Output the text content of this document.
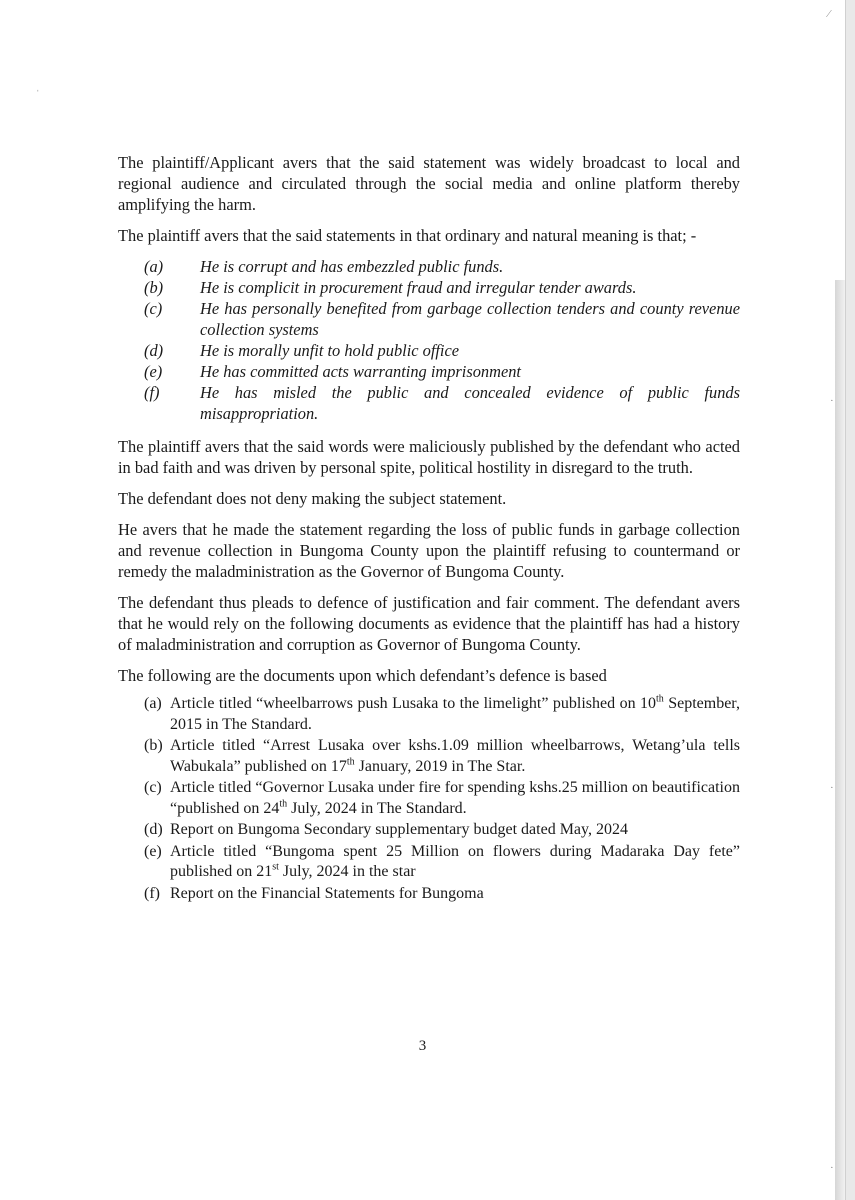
⁄
ˈ
·
·
·

The plaintiff/Applicant avers that the said statement was widely broadcast to local and regional audience and circulated through the social media and online platform thereby amplifying the harm.

The plaintiff avers that the said statements in that ordinary and natural meaning is that; -

(a)	He is corrupt and has embezzled public funds.
(b)	He is complicit in procurement fraud and irregular tender awards.
(c)	He has personally benefited from garbage collection tenders and county revenue collection systems
(d)	He is morally unfit to hold public office
(e)	He has committed acts warranting imprisonment
(f)	He has misled the public and concealed evidence of public funds misappropriation.

The plaintiff avers that the said words were maliciously published by the defendant who acted in bad faith and was driven by personal spite, political hostility in disregard to the truth.

The defendant does not deny making the subject statement.

He avers that he made the statement regarding the loss of public funds in garbage collection and revenue collection in Bungoma County upon the plaintiff refusing to countermand or remedy the maladministration as the Governor of Bungoma County.

The defendant thus pleads to defence of justification and fair comment. The defendant avers that he would rely on the following documents as evidence that the plaintiff has had a history of maladministration and corruption as Governor of Bungoma County.

The following are the documents upon which defendant’s defence is based

(a) Article titled “wheelbarrows push Lusaka to the limelight” published on 10th September, 2015 in The Standard.
(b) Article titled “Arrest Lusaka over kshs.1.09 million wheelbarrows, Wetang’ula tells Wabukala” published on 17th January, 2019 in The Star.
(c) Article titled “Governor Lusaka under fire for spending kshs.25 million on beautification “published on 24th July, 2024 in The Standard.
(d) Report on Bungoma Secondary supplementary budget dated May, 2024
(e) Article titled “Bungoma spent 25 Million on flowers during Madaraka Day fete” published on 21st July, 2024 in the star
(f) Report on the Financial Statements for Bungoma
3
